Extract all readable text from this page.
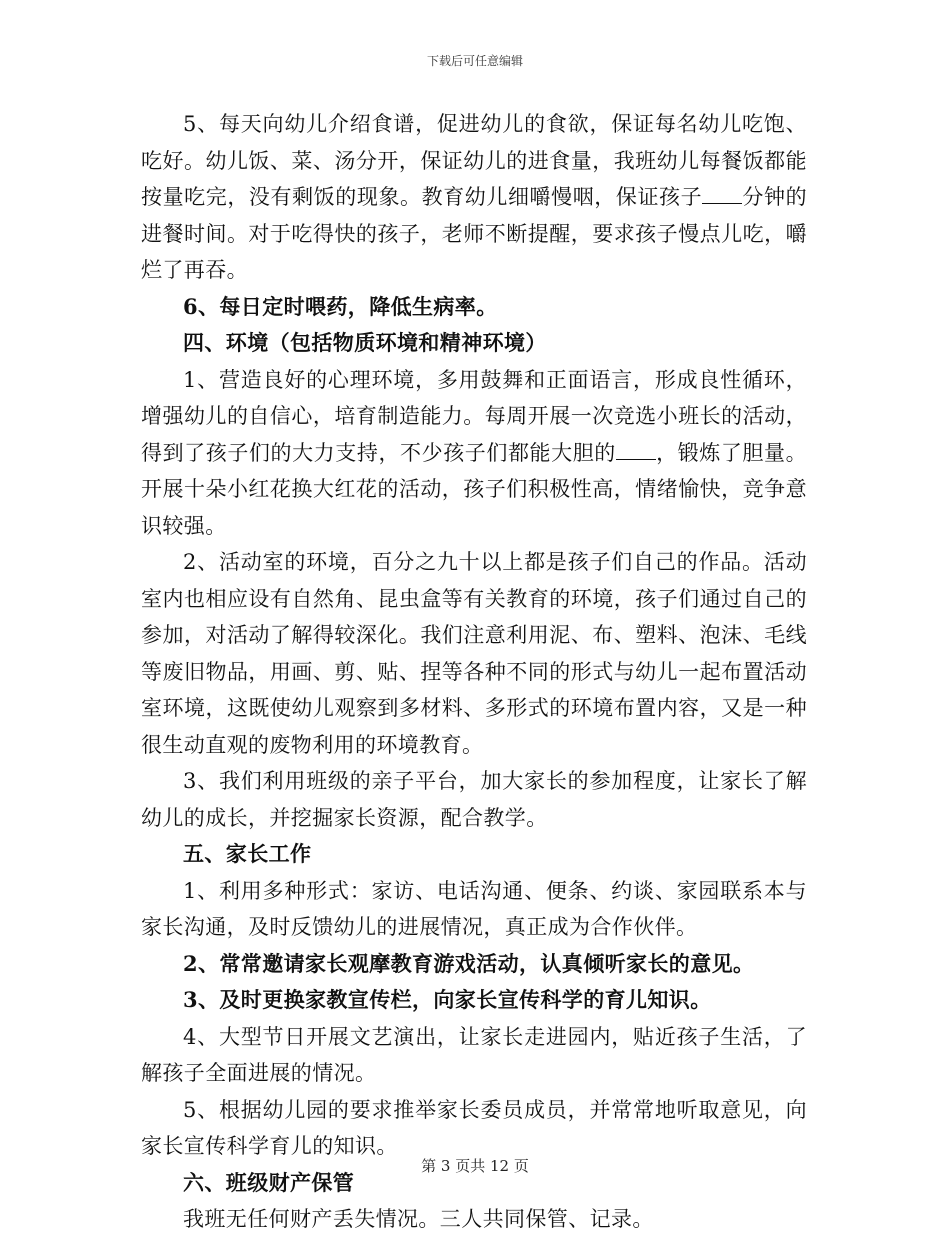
下载后可任意编辑

5、每天向幼儿介绍食谱，促进幼儿的食欲，保证每名幼儿吃饱、吃好。幼儿饭、菜、汤分开，保证幼儿的进食量，我班幼儿每餐饭都能按量吃完，没有剩饭的现象。教育幼儿细嚼慢咽，保证孩子 分钟的进餐时间。对于吃得快的孩子，老师不断提醒，要求孩子慢点儿吃，嚼烂了再吞。

6、每日定时喂药，降低生病率。

四、环境（包括物质环境和精神环境）

1、营造良好的心理环境，多用鼓舞和正面语言，形成良性循环，增强幼儿的自信心，培育制造能力。每周开展一次竞选小班长的活动，得到了孩子们的大力支持，不少孩子们都能大胆的 ，锻炼了胆量。开展十朵小红花换大红花的活动，孩子们积极性高，情绪愉快，竞争意识较强。

2、活动室的环境，百分之九十以上都是孩子们自己的作品。活动室内也相应设有自然角、昆虫盒等有关教育的环境，孩子们通过自己的参加，对活动了解得较深化。我们注意利用泥、布、塑料、泡沫、毛线等废旧物品，用画、剪、贴、捏等各种不同的形式与幼儿一起布置活动室环境，这既使幼儿观察到多材料、多形式的环境布置内容，又是一种很生动直观的废物利用的环境教育。

3、我们利用班级的亲子平台，加大家长的参加程度，让家长了解幼儿的成长，并挖掘家长资源，配合教学。

五、家长工作

1、利用多种形式：家访、电话沟通、便条、约谈、家园联系本与家长沟通，及时反馈幼儿的进展情况，真正成为合作伙伴。

2、常常邀请家长观摩教育游戏活动，认真倾听家长的意见。

3、及时更换家教宣传栏，向家长宣传科学的育儿知识。

4、大型节日开展文艺演出，让家长走进园内，贴近孩子生活，了解孩子全面进展的情况。

5、根据幼儿园的要求推举家长委员成员，并常常地听取意见，向家长宣传科学育儿的知识。

六、班级财产保管

我班无任何财产丢失情况。三人共同保管、记录。

第 3 页共 12 页
